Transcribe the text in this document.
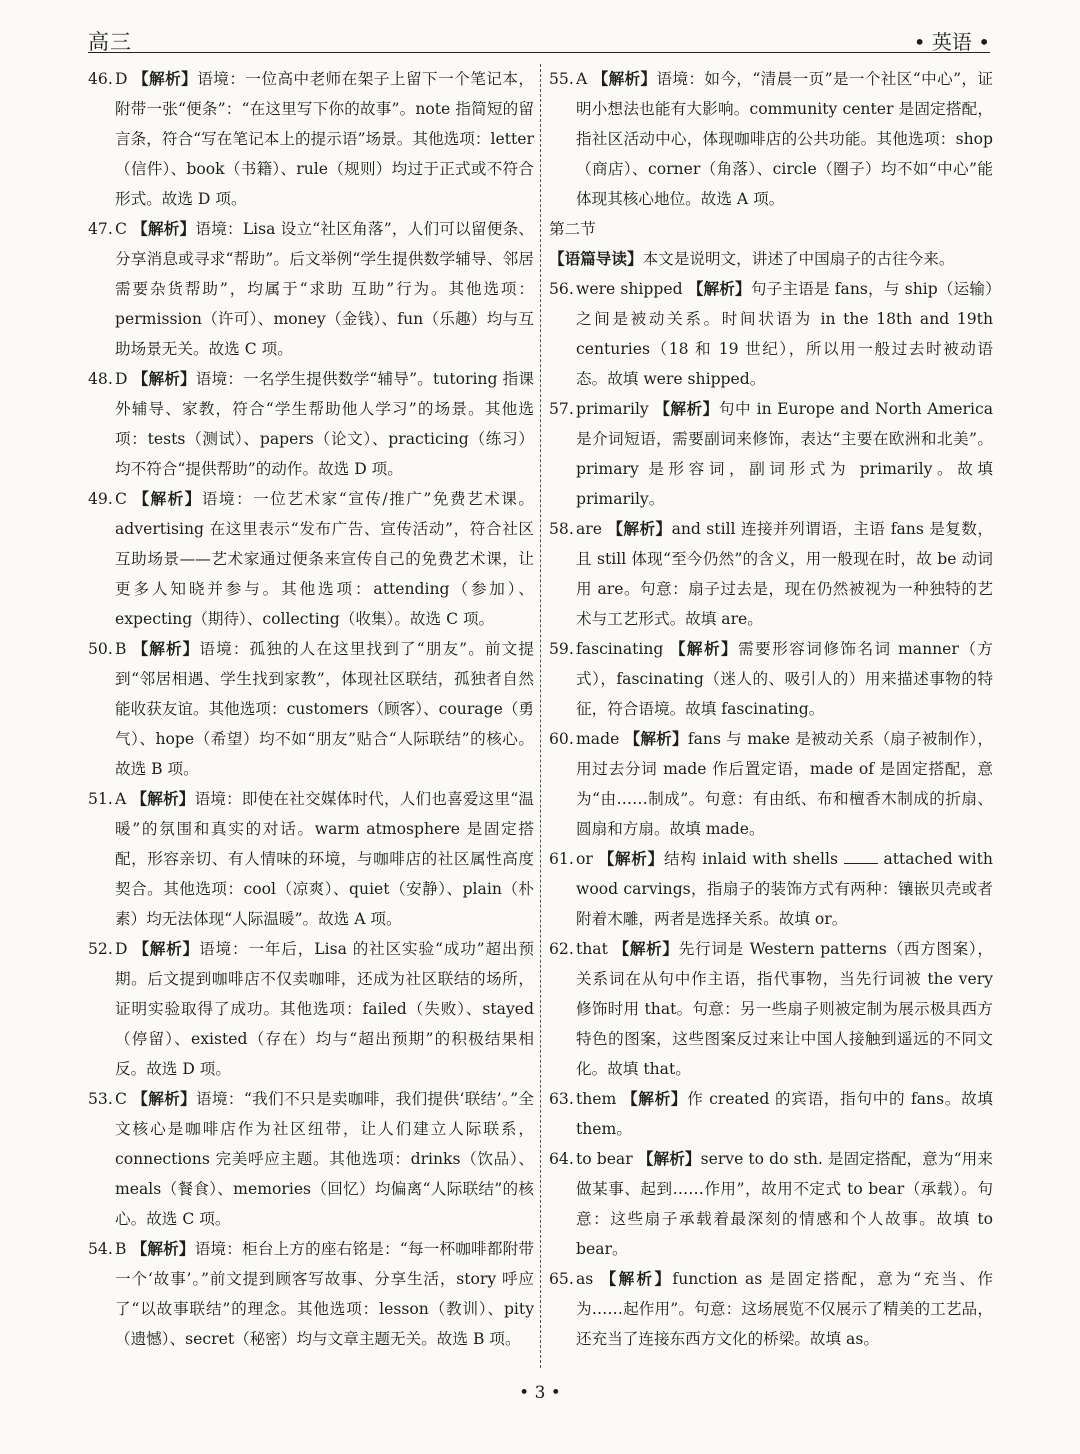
高三	• 英语 •
46. D 【解析】语境：一位高中老师在架子上留下一个笔记本，附带一张“便条”：“在这里写下你的故事”。note 指简短的留言条，符合“写在笔记本上的提示语”场景。其他选项：letter（信件）、book（书籍）、rule（规则）均过于正式或不符合形式。故选 D 项。
47. C 【解析】语境：Lisa 设立“社区角落”，人们可以留便条、分享消息或寻求“帮助”。后文举例“学生提供数学辅导、邻居需要杂货帮助”，均属于“求助 互助”行为。其他选项：permission（许可）、money（金钱）、fun（乐趣）均与互助场景无关。故选 C 项。
48. D 【解析】语境：一名学生提供数学“辅导”。tutoring 指课外辅导、家教，符合“学生帮助他人学习”的场景。其他选项：tests（测试）、papers（论文）、practicing（练习）均不符合“提供帮助”的动作。故选 D 项。
49. C 【解析】语境：一位艺术家“宣传/推广”免费艺术课。advertising 在这里表示“发布广告、宣传活动”，符合社区互助场景——艺术家通过便条来宣传自己的免费艺术课，让更多人知晓并参与。其他选项：attending（参加）、expecting（期待）、collecting（收集）。故选 C 项。
50. B 【解析】语境：孤独的人在这里找到了“朋友”。前文提到“邻居相遇、学生找到家教”，体现社区联结，孤独者自然能收获友谊。其他选项：customers（顾客）、courage（勇气）、hope（希望）均不如“朋友”贴合“人际联结”的核心。故选 B 项。
51. A 【解析】语境：即使在社交媒体时代，人们也喜爱这里“温暖”的氛围和真实的对话。warm atmosphere 是固定搭配，形容亲切、有人情味的环境，与咖啡店的社区属性高度契合。其他选项：cool（凉爽）、quiet（安静）、plain（朴素）均无法体现“人际温暖”。故选 A 项。
52. D 【解析】语境：一年后，Lisa 的社区实验“成功”超出预期。后文提到咖啡店不仅卖咖啡，还成为社区联结的场所，证明实验取得了成功。其他选项：failed（失败）、stayed（停留）、existed（存在）均与“超出预期”的积极结果相反。故选 D 项。
53. C 【解析】语境：“我们不只是卖咖啡，我们提供‘联结’。”全文核心是咖啡店作为社区纽带，让人们建立人际联系，connections 完美呼应主题。其他选项：drinks（饮品）、meals（餐食）、memories（回忆）均偏离“人际联结”的核心。故选 C 项。
54. B 【解析】语境：柜台上方的座右铭是：“每一杯咖啡都附带一个‘故事’。”前文提到顾客写故事、分享生活，story 呼应了“以故事联结”的理念。其他选项：lesson（教训）、pity（遗憾）、secret（秘密）均与文章主题无关。故选 B 项。
55. A 【解析】语境：如今，“清晨一页”是一个社区“中心”，证明小想法也能有大影响。community center 是固定搭配，指社区活动中心，体现咖啡店的公共功能。其他选项：shop（商店）、corner（角落）、circle（圈子）均不如“中心”能体现其核心地位。故选 A 项。
第二节
【语篇导读】本文是说明文，讲述了中国扇子的古往今来。
56. were shipped 【解析】句子主语是 fans，与 ship（运输）之间是被动关系。时间状语为 in the 18th and 19th centuries（18 和 19 世纪），所以用一般过去时被动语态。故填 were shipped。
57. primarily 【解析】句中 in Europe and North America 是介词短语，需要副词来修饰，表达“主要在欧洲和北美”。primary 是形容词，副词形式为 primarily。故填 primarily。
58. are 【解析】and still 连接并列谓语，主语 fans 是复数，且 still 体现“至今仍然”的含义，用一般现在时，故 be 动词用 are。句意：扇子过去是，现在仍然被视为一种独特的艺术与工艺形式。故填 are。
59. fascinating 【解析】需要形容词修饰名词 manner（方式），fascinating（迷人的、吸引人的）用来描述事物的特征，符合语境。故填 fascinating。
60. made 【解析】fans 与 make 是被动关系（扇子被制作），用过去分词 made 作后置定语，made of 是固定搭配，意为“由……制成”。句意：有由纸、布和檀香木制成的折扇、圆扇和方扇。故填 made。
61. or 【解析】结构 inlaid with shells	attached with wood carvings，指扇子的装饰方式有两种：镶嵌贝壳或者附着木雕，两者是选择关系。故填 or。
62. that 【解析】先行词是 Western patterns（西方图案），关系词在从句中作主语，指代事物，当先行词被 the very 修饰时用 that。句意：另一些扇子则被定制为展示极具西方特色的图案，这些图案反过来让中国人接触到遥远的不同文化。故填 that。
63. them 【解析】作 created 的宾语，指句中的 fans。故填 them。
64. to bear 【解析】serve to do sth. 是固定搭配，意为“用来做某事、起到……作用”，故用不定式 to bear（承载）。句意：这些扇子承载着最深刻的情感和个人故事。故填 to bear。
65. as 【解析】function as 是固定搭配，意为“充当、作为……起作用”。句意：这场展览不仅展示了精美的工艺品，还充当了连接东西方文化的桥梁。故填 as。
• 3 •
